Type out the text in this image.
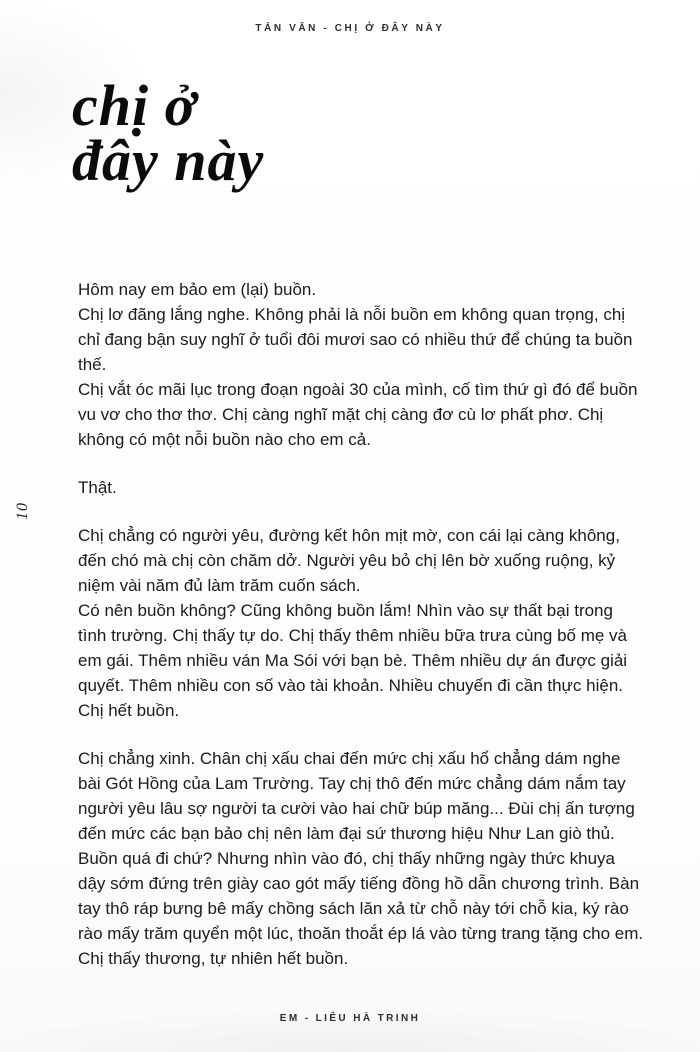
TẢN VĂN - CHỊ Ở ĐÂY NÀY
chị ở
đây này

Hôm nay em bảo em (lại) buồn.

Chị lơ đãng lắng nghe. Không phải là nỗi buồn em không quan trọng, chị chỉ đang bận suy nghĩ ở tuổi đôi mươi sao có nhiều thứ để chúng ta buồn thế.

Chị vắt óc mãi lục trong đoạn ngoài 30 của mình, cố tìm thứ gì đó để buồn vu vơ cho thơ thơ. Chị càng nghĩ mặt chị càng đơ cù lơ phất phơ. Chị không có một nỗi buồn nào cho em cả.

Thật.

Chị chẳng có người yêu, đường kết hôn mịt mờ, con cái lại càng không, đến chó mà chị còn chăm dở. Người yêu bỏ chị lên bờ xuống ruộng, kỷ niệm vài năm đủ làm trăm cuốn sách.

Có nên buồn không? Cũng không buồn lắm! Nhìn vào sự thất bại trong tình trường. Chị thấy tự do. Chị thấy thêm nhiều bữa trưa cùng bố mẹ và em gái. Thêm nhiều ván Ma Sói với bạn bè. Thêm nhiều dự án được giải quyết. Thêm nhiều con số vào tài khoản. Nhiều chuyến đi cần thực hiện. Chị hết buồn.

Chị chẳng xinh. Chân chị xấu chai đến mức chị xấu hổ chẳng dám nghe bài Gót Hồng của Lam Trường. Tay chị thô đến mức chẳng dám nắm tay người yêu lâu sợ người ta cười vào hai chữ búp măng... Đùi chị ấn tượng đến mức các bạn bảo chị nên làm đại sứ thương hiệu Như Lan giò thủ. Buồn quá đi chứ? Nhưng nhìn vào đó, chị thấy những ngày thức khuya dậy sớm đứng trên giày cao gót mấy tiếng đồng hồ dẫn chương trình. Bàn tay thô ráp bưng bê mấy chồng sách lăn xả từ chỗ này tới chỗ kia, ký rào rào mấy trăm quyển một lúc, thoăn thoắt ép lá vào từng trang tặng cho em. Chị thấy thương, tự nhiên hết buồn.

10
EM - LIÊU HÀ TRINH
